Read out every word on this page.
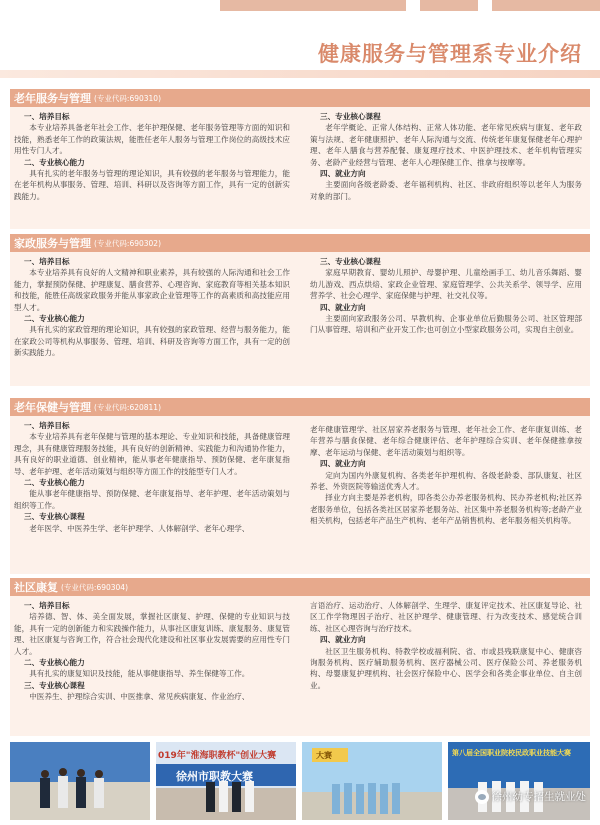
健康服务与管理系专业介绍
老年服务与管理 (专业代码:690310)
一、培养目标

本专业培养具备老年社会工作、老年护理保健、老年服务管理等方面的知识和技能，熟悉老年工作的政策法规，能胜任老年人服务与管理工作岗位的高级技术应用性专门人才。

二、专业核心能力

具有扎实的老年服务与管理的理论知识，具有较强的老年服务与管理能力，能在老年机构从事服务、管理、培训、科研以及咨询等方面工作，具有一定的创新实践能力。

三、专业核心课程

老年学概论、正常人体结构、正常人体功能、老年常见疾病与康复、老年政策与法规、老年健康照护、老年人际沟通与交流、传统老年康复保健老年心理护理、老年人膳食与营养配餐、康复理疗技术、中医护理技术、老年机构管理实务、老龄产业经营与管理、老年人心理保健工作、推拿与按摩等。

四、就业方向

主要面向各级老龄委、老年福利机构、社区、非政府组织等以老年人为服务对象的部门。

家政服务与管理 (专业代码:690302)
一、培养目标

本专业培养具有良好的人文精神和职业素养，具有较强的人际沟通和社会工作能力，掌握预防保健、护理康复、膳食营养、心理咨询、家庭教育等相关基本知识和技能，能胜任高级家政服务并能从事家政企业管理等工作的高素质和高技能应用型人才。

二、专业核心能力

具有扎实的家政管理的理论知识，具有较强的家政管理、经营与服务能力，能在家政公司等机构从事服务、管理、培训、科研及咨询等方面工作，具有一定的创新实践能力。

三、专业核心课程

家庭早期教育、婴幼儿照护、母婴护理、儿童绘画手工、幼儿音乐舞蹈、婴幼儿游戏、西点烘焙、家政企业管理、家庭管理学、公共关系学、领导学、应用营养学、社会心理学、家庭保健与护理、社交礼仪等。

四、就业方向

主要面向家政服务公司、早教机构、企事业单位后勤服务公司、社区管理部门从事管理、培训和产业开发工作;也可创立小型家政服务公司，实现自主创业。

老年保健与管理 (专业代码:620811)
一、培养目标

本专业培养具有老年保健与管理的基本理论、专业知识和技能，具备健康管理理念，具有健康管理服务技能，具有良好的创新精神、实践能力和沟通协作能力，具有良好的职业道德、创业精神，能从事老年健康指导、预防保健、老年康复指导、老年护理、老年活动策划与组织等方面工作的技能型专门人才。

二、专业核心能力

能从事老年健康指导、预防保健、老年康复指导、老年护理、老年活动策划与组织等工作。

三、专业核心课程

老年医学、中医养生学、老年护理学、人体解剖学、老年心理学、

老年健康管理学、社区居家养老服务与管理、老年社会工作、老年康复训练、老年营养与膳食保健、老年综合健康评估、老年护理综合实训、老年保健推拿按摩、老年运动与保健、老年活动策划与组织等。

四、就业方向

定向为国内外康复机构、各类老年护理机构、各级老龄委、部队康复、社区养老、外资医院等输送优秀人才。

择业方向主要是养老机构，即各类公办养老服务机构、民办养老机构;社区养老服务单位，包括各类社区居家养老服务站、社区集中养老服务机构等;老龄产业相关机构，包括老年产品生产机构、老年产品销售机构、老年服务相关机构等。

社区康复 (专业代码:690304)
一、培养目标

培养德、智、体、美全面发展，掌握社区康复、护理、保健的专业知识与技能，具有一定的创新能力和实践操作能力，从事社区康复训练、康复服务、康复管理、社区康复与咨询工作，符合社会现代化建设和社区事业发展需要的应用性专门人才。

二、专业核心能力

具有扎实的康复知识及技能，能从事健康指导、养生保健等工作。

三、专业核心课程

中医养生、护理综合实训、中医推拿、常见疾病康复、作业治疗、

言语治疗、运动治疗、人体解剖学、生理学、康复评定技术、社区康复导论、社区工作学物理因子治疗、社区护理学、健康管理、行为改变技术、感觉统合训练、社区心理咨询与治疗技术。

四、就业方向

社区卫生服务机构、特教学校或福利院、省、市或县残联康复中心、健康咨询服务机构、医疗辅助服务机构、医疗器械公司、医疗保险公司、养老服务机构、母婴康复护理机构、社会医疗保险中心、医学会和各类企事业单位、自主创业。

019年"淮海职教杯"创业大赛
徐州市职教大赛
大赛	第八届全国职业院校民政职业技能大赛
徐州幼专招生就业处
